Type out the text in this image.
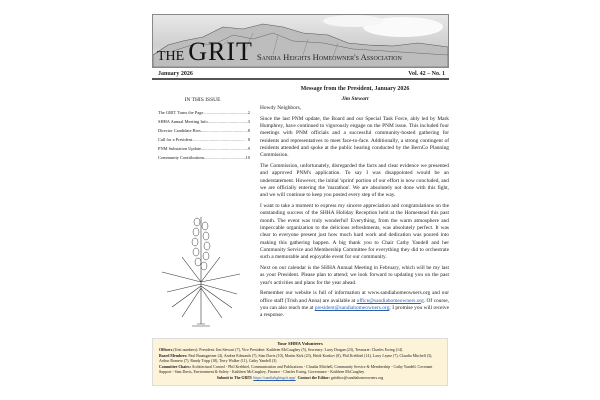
THE GRIT Sandia Heights Homeowner's Association
January 2026	Vol. 42 – No. 1
Message from the President, January 2026
Jim Stewart
IN THIS ISSUE
The GRIT Turns the Page .....	2
SHHA Annual Meeting Info .....	3
Director Candidate Bios .....	8
Call for a President .....	8
PNM Substation Update .....	9
Community Contributions .....	10
Howdy Neighbors,
Since the last PNM update, the Board and our Special Task Force, ably led by Mark Humphrey, have continued to vigorously engage on the PNM issue. This included four meetings with PNM officials and a successful community-hosted gathering for residents and representatives to meet face-to-face. Additionally, a strong contingent of residents attended and spoke at the public hearing conducted by the BernCo Planning Commission.
The Commission, unfortunately, disregarded the facts and clear evidence we presented and approved PNM's application. To say I was disappointed would be an understatement. However, the initial 'sprint' portion of our effort is now concluded, and we are officially entering the 'marathon'. We are absolutely not done with this fight, and we will continue to keep you posted every step of the way.
I want to take a moment to express my sincere appreciation and congratulations on the outstanding success of the SHHA Holiday Reception held at the Homestead this past month. The event was truly wonderful! Everything, from the warm atmosphere and impeccable organization to the delicious refreshments, was absolutely perfect. It was clear to everyone present just how much hard work and dedication was poured into making this gathering happen. A big thank you to Chair Cathy Yandell and her Community Service and Membership Committee for everything they did to orchestrate such a memorable and enjoyable event for our community.
Next on our calendar is the SHHA Annual Meeting in February, which will be my last as your President. Please plan to attend; we look forward to updating you on the past year's activities and plans for the year ahead.
Remember our website is full of information at www.sandiahomeowners.org and our office staff (Trish and Anna) are available at office@sandiahomeowners.org. Of course, you can also reach me at president@sandiahomeowners.org; I promise you will receive a response.
Your SHHA Volunteers

Officers (Unit numbers): President: Jim Stewart (7), Vice President: Kathleen McCaughey (5), Secretary: Larry Dragan (23), Treasurer: Charles Ewing (14)

Board Members: Paul Baumgartner (4), Andrea Edmonds (7), Stan Davis (10), Martin Kirk (23), Heidi Konkov (8), Phil Krehbiel (14), Larry Layne (7), Claudia Mitchell (3), Arthur Romero (7), Randy Tripp (18), Terry Walker (11), Cathy Yandell (3)

Committee Chairs: Architectural Control - Phil Krehbiel, Communication and Publications - Claudia Mitchell, Community Service & Membership - Cathy Yandell, Covenant Support - Stan Davis, Environment & Safety - Kathleen McCaughey, Finance - Charles Ewing, Governance - Kathleen McCaughey

Submit to The GRIT: https://sandiahghtsgrit.app/ Contact the Editor: gritditor@sandiahomeowners.org
